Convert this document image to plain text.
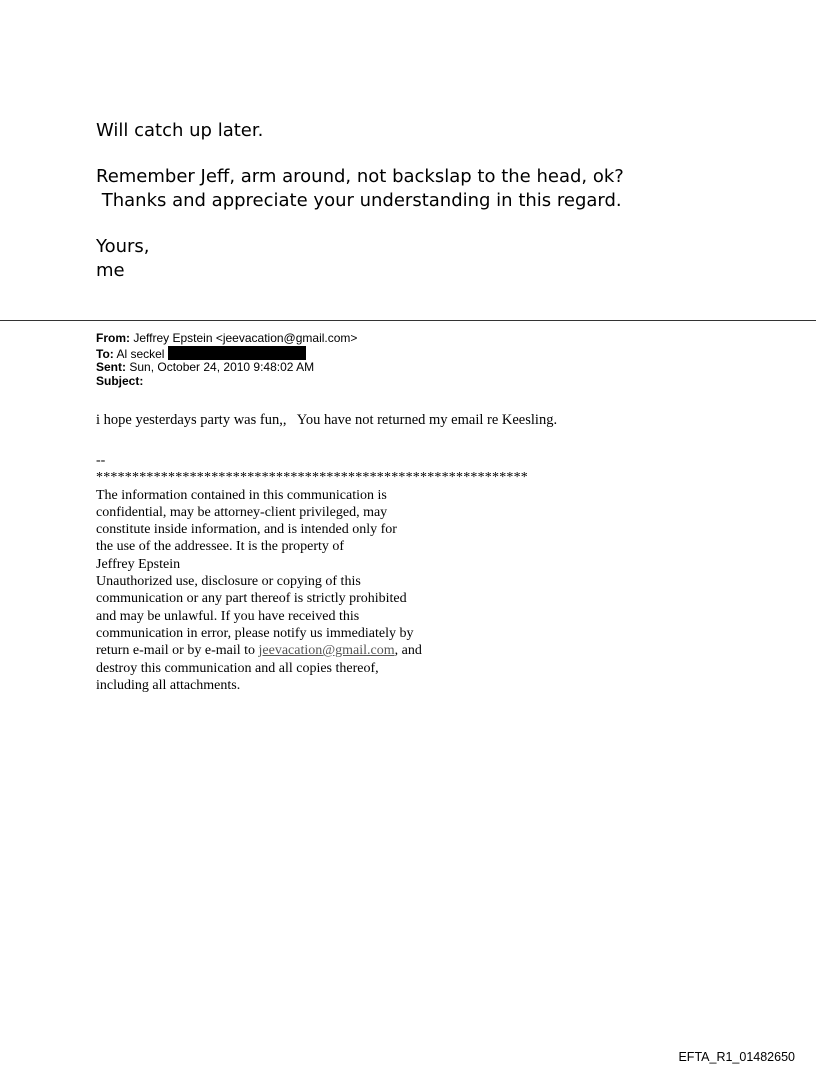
Will catch up later.

Remember Jeff, arm around, not backslap to the head, ok?

Thanks and appreciate your understanding in this regard.

Yours,

me

From: Jeffrey Epstein <jeevacation@gmail.com>
To: Al seckel
Sent: Sun, October 24, 2010 9:48:02 AM
Subject:
i hope yesterdays party was fun,,   You have not returned my email re Keesling.
--
************************************************************
The information contained in this communication is
confidential, may be attorney-client privileged, may
constitute inside information, and is intended only for
the use of the addressee. It is the property of
Jeffrey Epstein
Unauthorized use, disclosure or copying of this
communication or any part thereof is strictly prohibited
and may be unlawful. If you have received this
communication in error, please notify us immediately by
return e-mail or by e-mail to jeevacation@gmail.com, and
destroy this communication and all copies thereof,
including all attachments.
EFTA_R1_01482650
